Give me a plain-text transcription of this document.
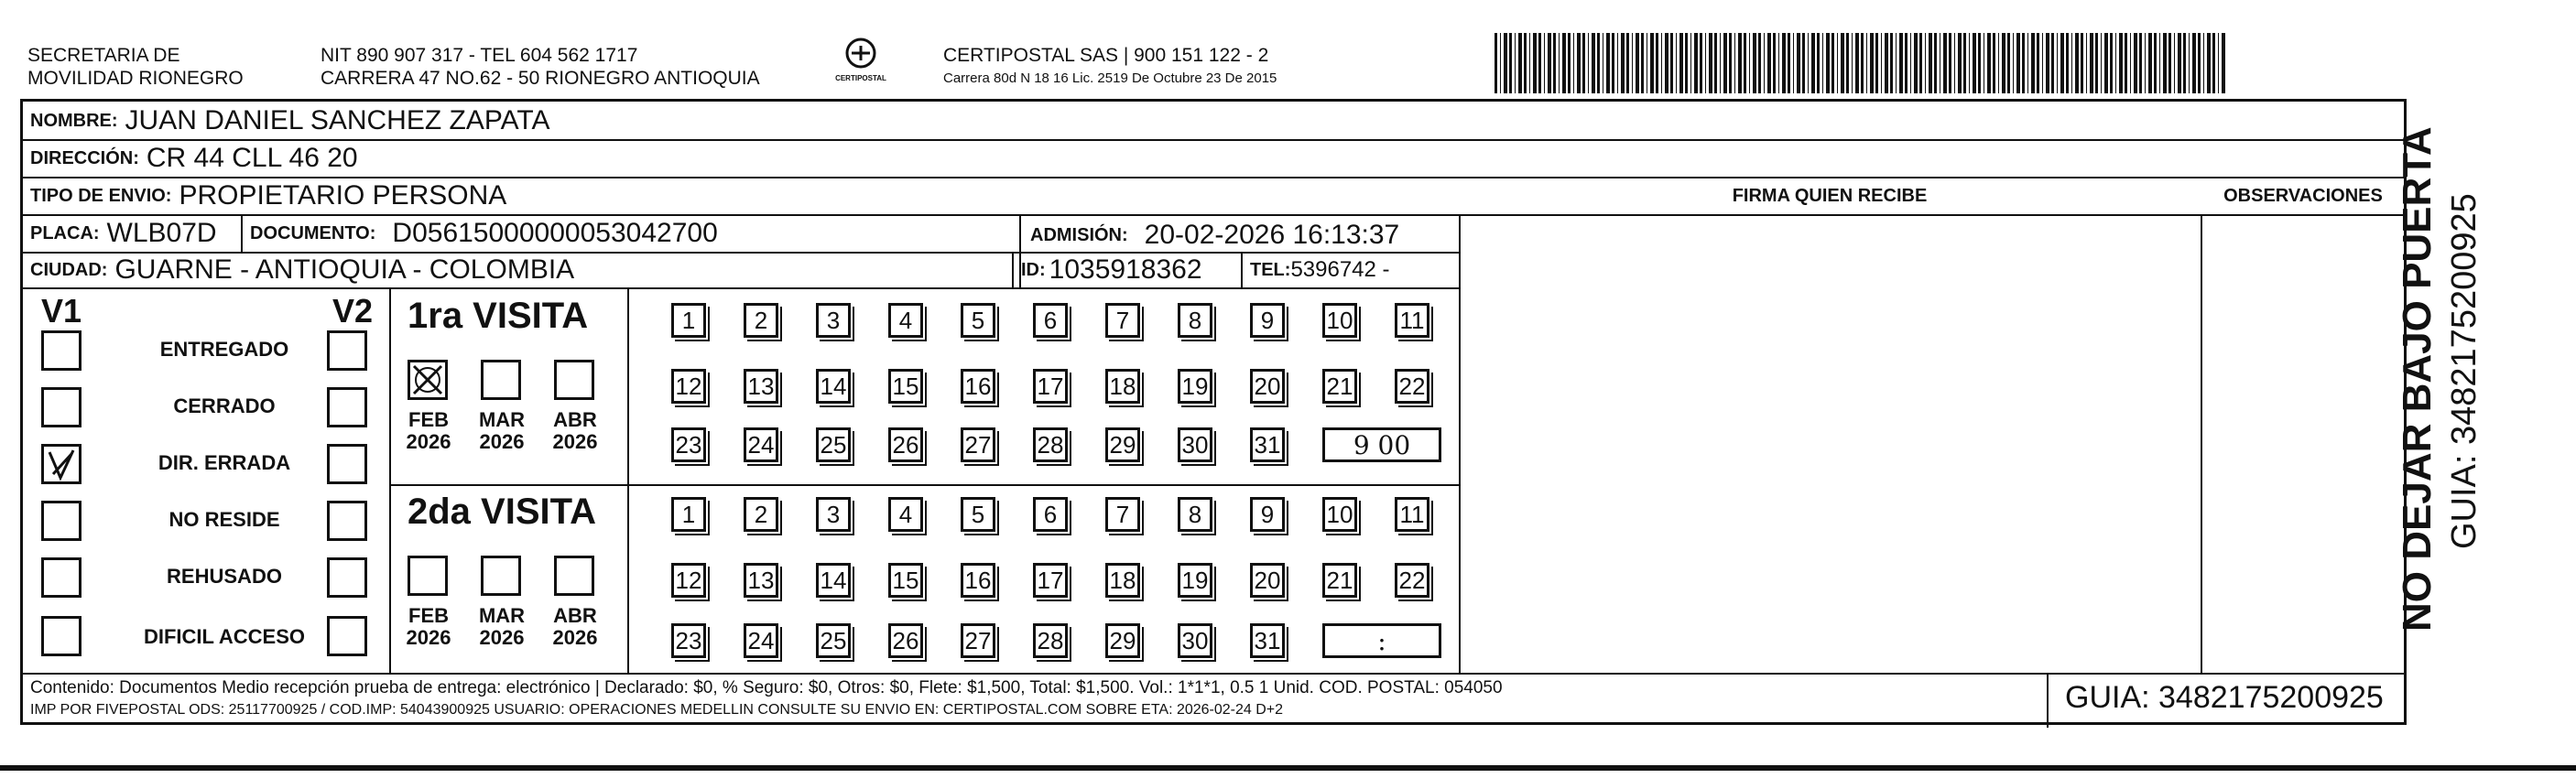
SECRETARIA DE
MOVILIDAD RIONEGRO
NIT 890 907 317 - TEL 604 562 1717
CARRERA 47 NO.62 - 50 RIONEGRO ANTIOQUIA	CERTIPOSTAL
CERTIPOSTAL SAS | 900 151 122 - 2
Carrera 80d N 18 16 Lic. 2519 De Octubre 23 De 2015
NOMBRE: JUAN DANIEL SANCHEZ ZAPATA
DIRECCIÓN: CR 44 CLL 46 20
TIPO DE ENVIO: PROPIETARIO PERSONA	FIRMA QUIEN RECIBE	OBSERVACIONES
PLACA: WLB07D DOCUMENTO: D05615000000053042700	ADMISIÓN: 20-02-2026 16:13:37
CIUDAD: GUARNE - ANTIOQUIA - COLOMBIA	ID: 1035918362	TEL: 5396742 -
V1	V2
ENTREGADO
CERRADO
DIR. ERRADA
NO RESIDE
REHUSADO
DIFICIL ACCESO
1ra VISITA
FEB
2026
MAR
2026
ABR
2026
2da VISITA
FEB
2026
MAR
2026
ABR
2026
1	2	3	4	5	6	7	8	9	10 11
12 13 14 15 16 17 18 19 20 21 22
23 24 25 26 27 28 29 30 31	9 00
1	2	3	4	5	6	7	8	9	10 11
12 13 14 15 16 17 18 19 20 21 22
23 24 25 26 27 28 29 30 31	:
Contenido: Documentos Medio recepción prueba de entrega: electrónico | Declarado: $0, % Seguro: $0, Otros: $0, Flete: $1,500, Total: $1,500. Vol.: 1*1*1, 0.5 1 Unid. COD. POSTAL: 054050
IMP POR FIVEPOSTAL ODS: 25117700925 / COD.IMP: 54043900925 USUARIO: OPERACIONES MEDELLIN CONSULTE SU ENVIO EN: CERTIPOSTAL.COM SOBRE ETA: 2026-02-24 D+2	GUIA: 3482175200925
NO DEJAR BAJO PUERTA GUIA: 3482175200925
